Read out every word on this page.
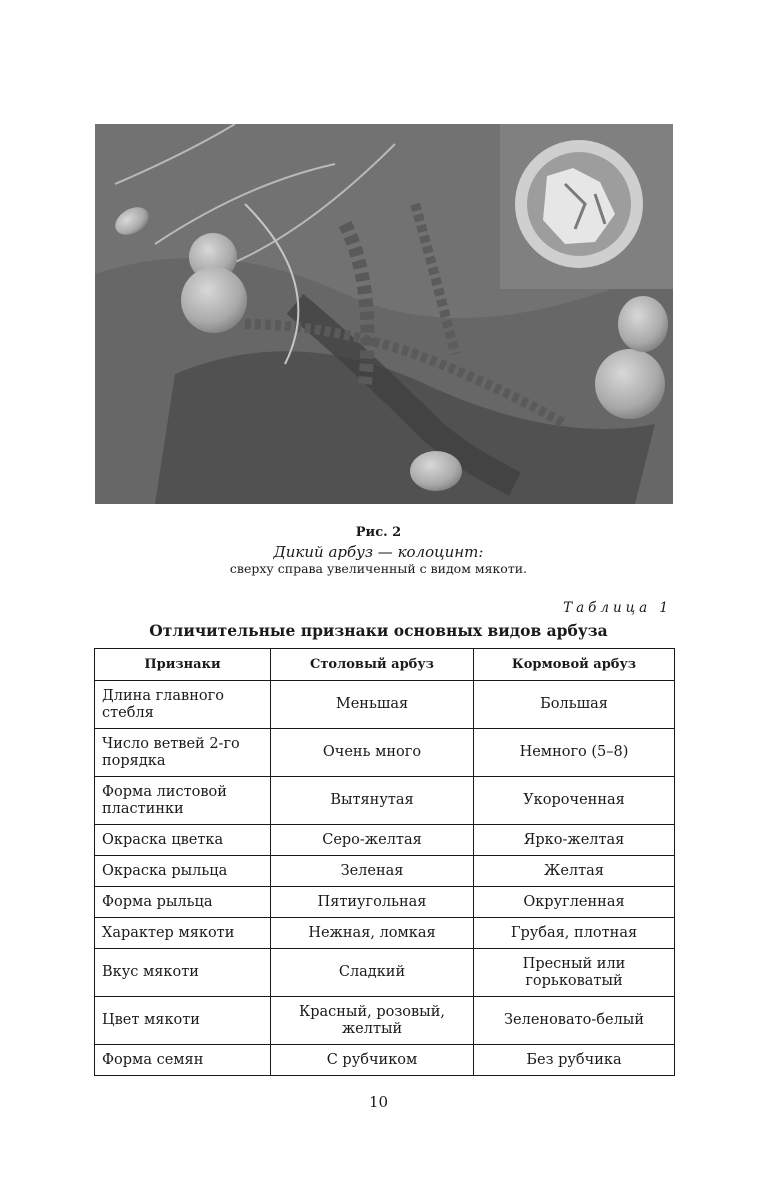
Рис. 2
Дикий арбуз — колоцинт:
сверху справа увеличенный с видом мякоти.
Таблица 1
Отличительные признаки основных видов арбуза
Признаки	Столовый арбуз	Кормовой арбуз
Длина главного стебля	Меньшая	Большая
Число ветвей 2-го порядка	Очень много	Немного (5–8)
Форма листовой пластинки	Вытянутая	Укороченная
Окраска цветка	Серо-желтая	Ярко-желтая
Окраска рыльца	Зеленая	Желтая
Форма рыльца	Пятиугольная	Округленная
Характер мякоти	Нежная, ломкая	Грубая, плотная
Вкус мякоти	Сладкий	Пресный или горьковатый
Цвет мякоти	Красный, розовый, желтый	Зеленовато-белый
Форма семян	С рубчиком	Без рубчика
10
